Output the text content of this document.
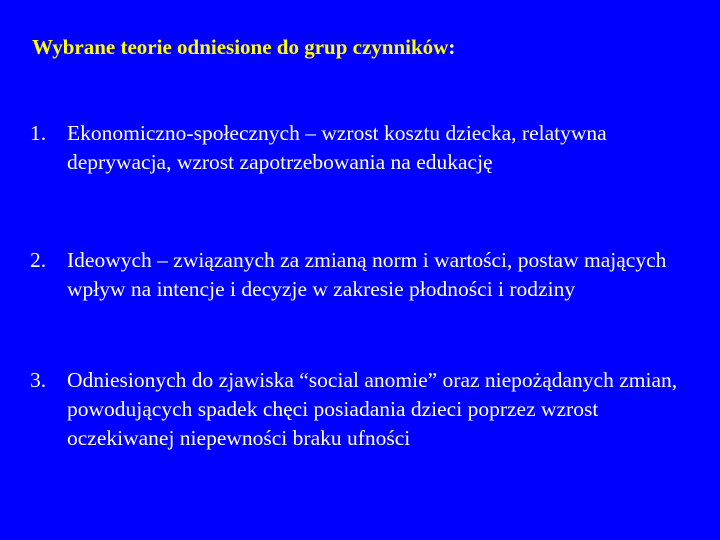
Wybrane teorie odniesione do grup czynników:

1. Ekonomiczno-społecznych – wzrost kosztu dziecka, relatywna deprywacja, wzrost zapotrzebowania na edukację

2. Ideowych – związanych za zmianą norm i wartości, postaw mających wpływ na intencje i decyzje w zakresie płodności i rodziny

3. Odniesionych do zjawiska “social anomie” oraz niepożądanych zmian, powodujących spadek chęci posiadania dzieci poprzez wzrost oczekiwanej niepewności braku ufności
